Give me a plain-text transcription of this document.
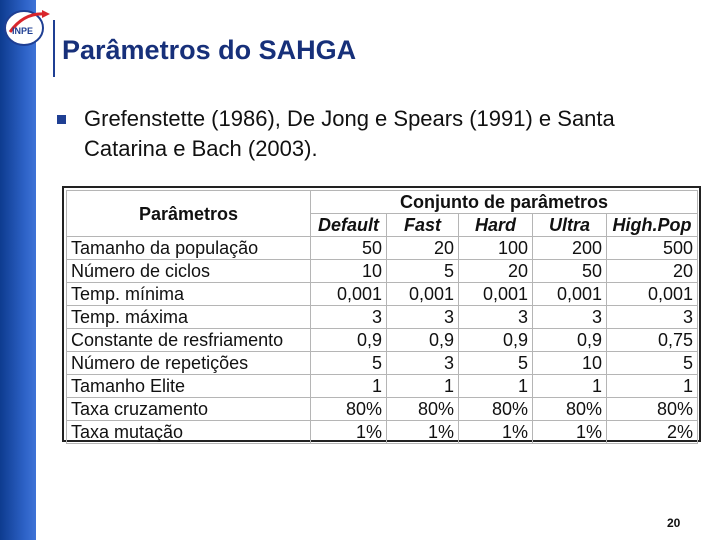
INPE
Parâmetros do SAHGA
Grefenstette (1986), De Jong e Spears (1991) e Santa Catarina e Bach (2003).
Parâmetros	Conjunto de parâmetros				
	Default	Fast	Hard	Ultra	High.Pop
Tamanho da população	50	20	100	200	500
Número de ciclos	10	5	20	50	20
Temp. mínima	0,001	0,001	0,001	0,001	0,001
Temp. máxima	3	3	3	3	3
Constante de resfriamento	0,9	0,9	0,9	0,9	0,75
Número de repetições	5	3	5	10	5
Tamanho Elite	1	1	1	1	1
Taxa cruzamento	80%	80%	80%	80%	80%
Taxa mutação	1%	1%	1%	1%	2%
20
